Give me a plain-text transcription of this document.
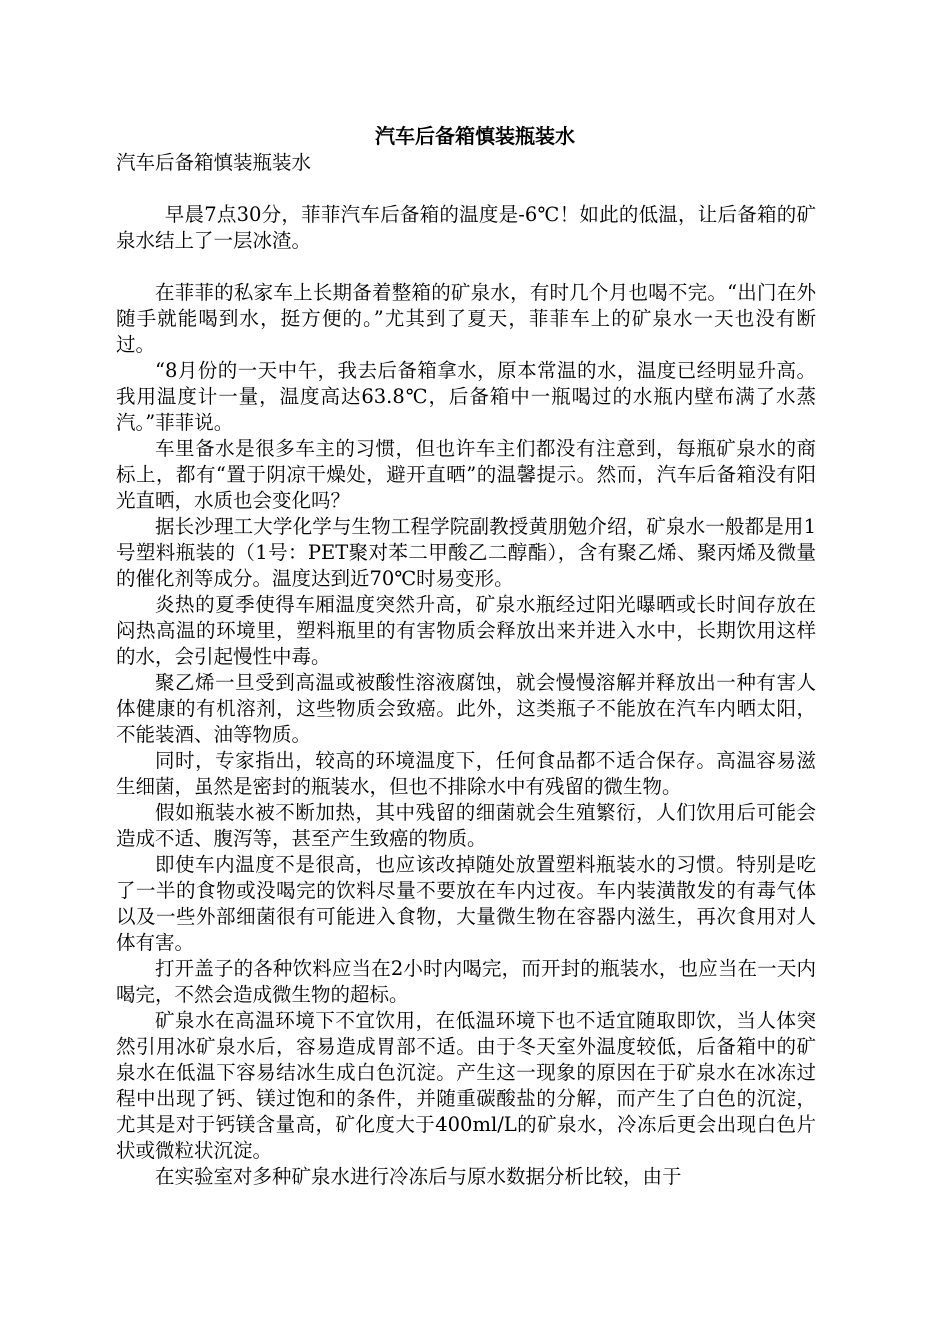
汽车后备箱慎装瓶装水

汽车后备箱慎装瓶装水

早晨7点30分，菲菲汽车后备箱的温度是-6℃！如此的低温，让后备箱的矿泉水结上了一层冰渣。

在菲菲的私家车上长期备着整箱的矿泉水，有时几个月也喝不完。“出门在外随手就能喝到水，挺方便的。”尤其到了夏天，菲菲车上的矿泉水一天也没有断过。

“8月份的一天中午，我去后备箱拿水，原本常温的水，温度已经明显升高。我用温度计一量，温度高达63.8℃，后备箱中一瓶喝过的水瓶内壁布满了水蒸汽。”菲菲说。

车里备水是很多车主的习惯，但也许车主们都没有注意到，每瓶矿泉水的商标上，都有“置于阴凉干燥处，避开直晒”的温馨提示。然而，汽车后备箱没有阳光直晒，水质也会变化吗？

据长沙理工大学化学与生物工程学院副教授黄朋勉介绍，矿泉水一般都是用1号塑料瓶装的（1号：PET聚对苯二甲酸乙二醇酯），含有聚乙烯、聚丙烯及微量的催化剂等成分。温度达到近70℃时易变形。

炎热的夏季使得车厢温度突然升高，矿泉水瓶经过阳光曝晒或长时间存放在闷热高温的环境里，塑料瓶里的有害物质会释放出来并进入水中，长期饮用这样的水，会引起慢性中毒。

聚乙烯一旦受到高温或被酸性溶液腐蚀，就会慢慢溶解并释放出一种有害人体健康的有机溶剂，这些物质会致癌。此外，这类瓶子不能放在汽车内晒太阳，不能装酒、油等物质。

同时，专家指出，较高的环境温度下，任何食品都不适合保存。高温容易滋生细菌，虽然是密封的瓶装水，但也不排除水中有残留的微生物。

假如瓶装水被不断加热，其中残留的细菌就会生殖繁衍，人们饮用后可能会造成不适、腹泻等，甚至产生致癌的物质。

即使车内温度不是很高，也应该改掉随处放置塑料瓶装水的习惯。特别是吃了一半的食物或没喝完的饮料尽量不要放在车内过夜。车内装潢散发的有毒气体以及一些外部细菌很有可能进入食物，大量微生物在容器内滋生，再次食用对人体有害。

打开盖子的各种饮料应当在2小时内喝完，而开封的瓶装水，也应当在一天内喝完，不然会造成微生物的超标。

矿泉水在高温环境下不宜饮用，在低温环境下也不适宜随取即饮，当人体突然引用冰矿泉水后，容易造成胃部不适。由于冬天室外温度较低，后备箱中的矿泉水在低温下容易结冰生成白色沉淀。产生这一现象的原因在于矿泉水在冰冻过程中出现了钙、镁过饱和的条件，并随重碳酸盐的分解，而产生了白色的沉淀，尤其是对于钙镁含量高，矿化度大于400ml/L的矿泉水，冷冻后更会出现白色片状或微粒状沉淀。

在实验室对多种矿泉水进行冷冻后与原水数据分析比较，由于
